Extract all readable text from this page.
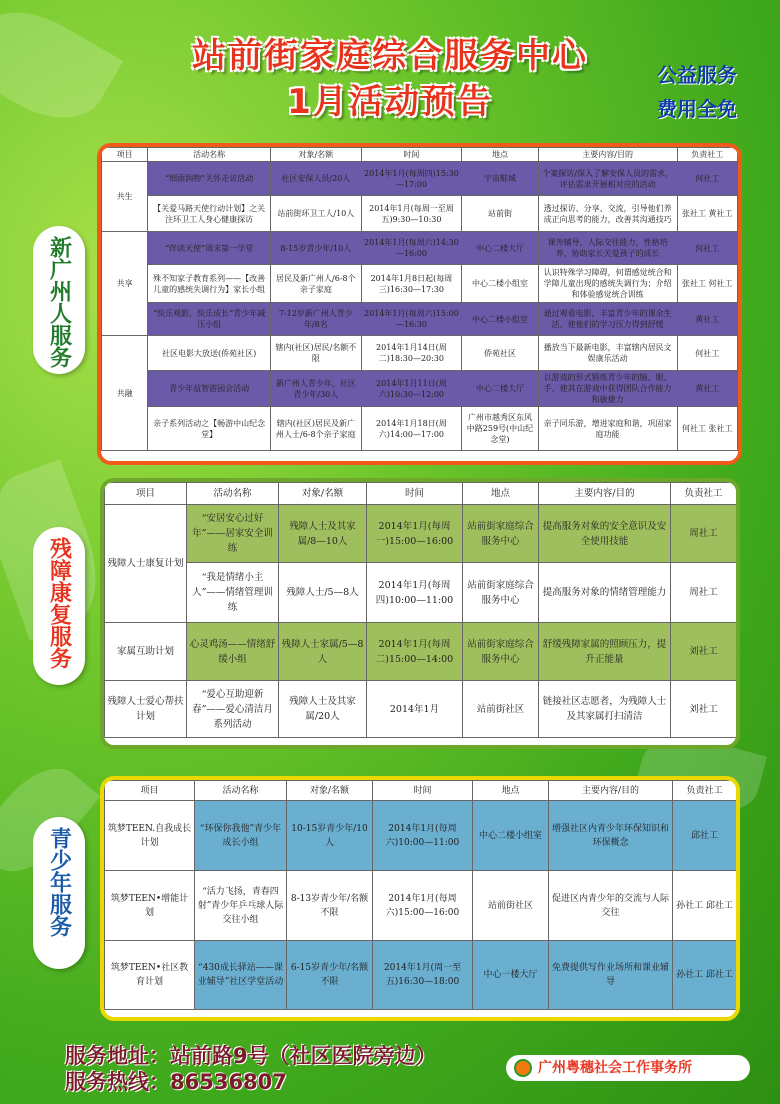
站前街家庭综合服务中心
1月活动预告
公益服务
费用全免
新广州人服务
残障康复服务
青少年服务
项目	活动名称	对象/名额	时间	地点	主要内容/目的	负责社工
共生	“细雨润物”关怀走访活动	社区安保人员/20人	2014年1月(每周四)15:30—17:00	宇宙鞋城	个案探访/深入了解安保人员的需求，评估需求开展相对应的活动	何社工
	【关爱马路天使行动计划】之关注环卫工人身心健康探访	站前街环卫工人/10人	2014年1月(每周一至周五)9:30—10:30	站前街	透过探访、分享、交流，引导他们养成正向思考的能力，改善其沟通技巧	张社工 黄社工
共享	“伴读天使”周末第一学堂	8-15岁青少年/10人	2014年1月(每周六)14:30—16:00	中心二楼大厅	课外辅导，人际交往能力，性格培养，协助家长关爱孩子的成长	何社工
	殊不知家子教育系列——【改善儿童的感统失调行为】家长小组	居民及新广州人/6-8个亲子家庭	2014年1月8日起(每周三)16:30—17:30	中心二楼小组室	认识特殊学习障碍，何谓感觉统合和学障儿童出现的感统失调行为；介绍和体验感觉统合训练	张社工 何社工
	“快乐观影，快乐成长”青少年减压小组	7-12岁新广州人青少年/8名	2014年1月(每周六)15:00—16:30	中心二楼小组室	通过观看电影，丰富青少年的课余生活，使他们的学习压力得到舒缓	黄社工
共融	社区电影大放送(侨苑社区)	辖内(社区)居民/名额不限	2014年1月14日(周二)18:30—20:30	侨苑社区	播放当下最新电影，丰富辖内居民文娱康乐活动	何社工
	青少年益智游园会活动	新广州人青少年，社区青少年/30人	2014年1月11日(周六)10:30—12:00	中心二楼大厅	以游戏的形式锻炼青少年的脑、眼、手，使其在游戏中获得团队合作能力和敏捷力	黄社工
	亲子系列活动之【畅游中山纪念堂】	辖内(社区)居民及新广州人士/6-8个亲子家庭	2014年1月18日(周六)14:00—17:00	广州市越秀区东风中路259号(中山纪念堂)	亲子同乐游，增进家庭和谐，巩固家庭功能	何社工 张社工
项目	活动名称	对象/名额	时间	地点	主要内容/目的	负责社工
残障人士康复计划	“安居安心过好年”——居家安全训练	残障人士及其家属/8—10人	2014年1月(每周一)15:00—16:00	站前街家庭综合服务中心	提高服务对象的安全意识及安全使用技能	周社工
	“我是情绪小主人”——情绪管理训练	残障人士/5—8人	2014年1月(每周四)10:00—11:00	站前街家庭综合服务中心	提高服务对象的情绪管理能力	周社工
家属互助计划	心灵鸡汤——情绪舒缓小组	残障人士家属/5—8人	2014年1月(每周二)15:00—14:00	站前街家庭综合服务中心	舒缓残障家属的照顾压力，提升正能量	刘社工
残障人士爱心帮扶计划	“爱心互助迎新春”——爱心清洁月系列活动	残障人士及其家属/20人	2014年1月	站前街社区	链接社区志愿者，为残障人士及其家属打扫清洁	刘社工
项目	活动名称	对象/名额	时间	地点	主要内容/目的	负责社工
筑梦TEEN.自我成长计划	“环保你我他”青少年成长小组	10-15岁青少年/10人	2014年1月(每周六)10:00—11:00	中心二楼小组室	增强社区内青少年环保知识和环保概念	邱社工
筑梦TEEN•增能计划	“活力飞扬，青春四射”青少年乒乓球人际交往小组	8-13岁青少年/名额不限	2014年1月(每周六)15:00—16:00	站前街社区	促进区内青少年的交流与人际交往	孙社工 邱社工
筑梦TEEN•社区教育计划	“430成长驿站——课业辅导”社区学堂活动	6-15岁青少年/名额不限	2014年1月(周一至五)16:30—18:00	中心一楼大厅	免费提供写作业场所和课业辅导	孙社工 邱社工
服务地址：站前路9号（社区医院旁边）
服务热线：86536807
广州粤穗社会工作事务所
